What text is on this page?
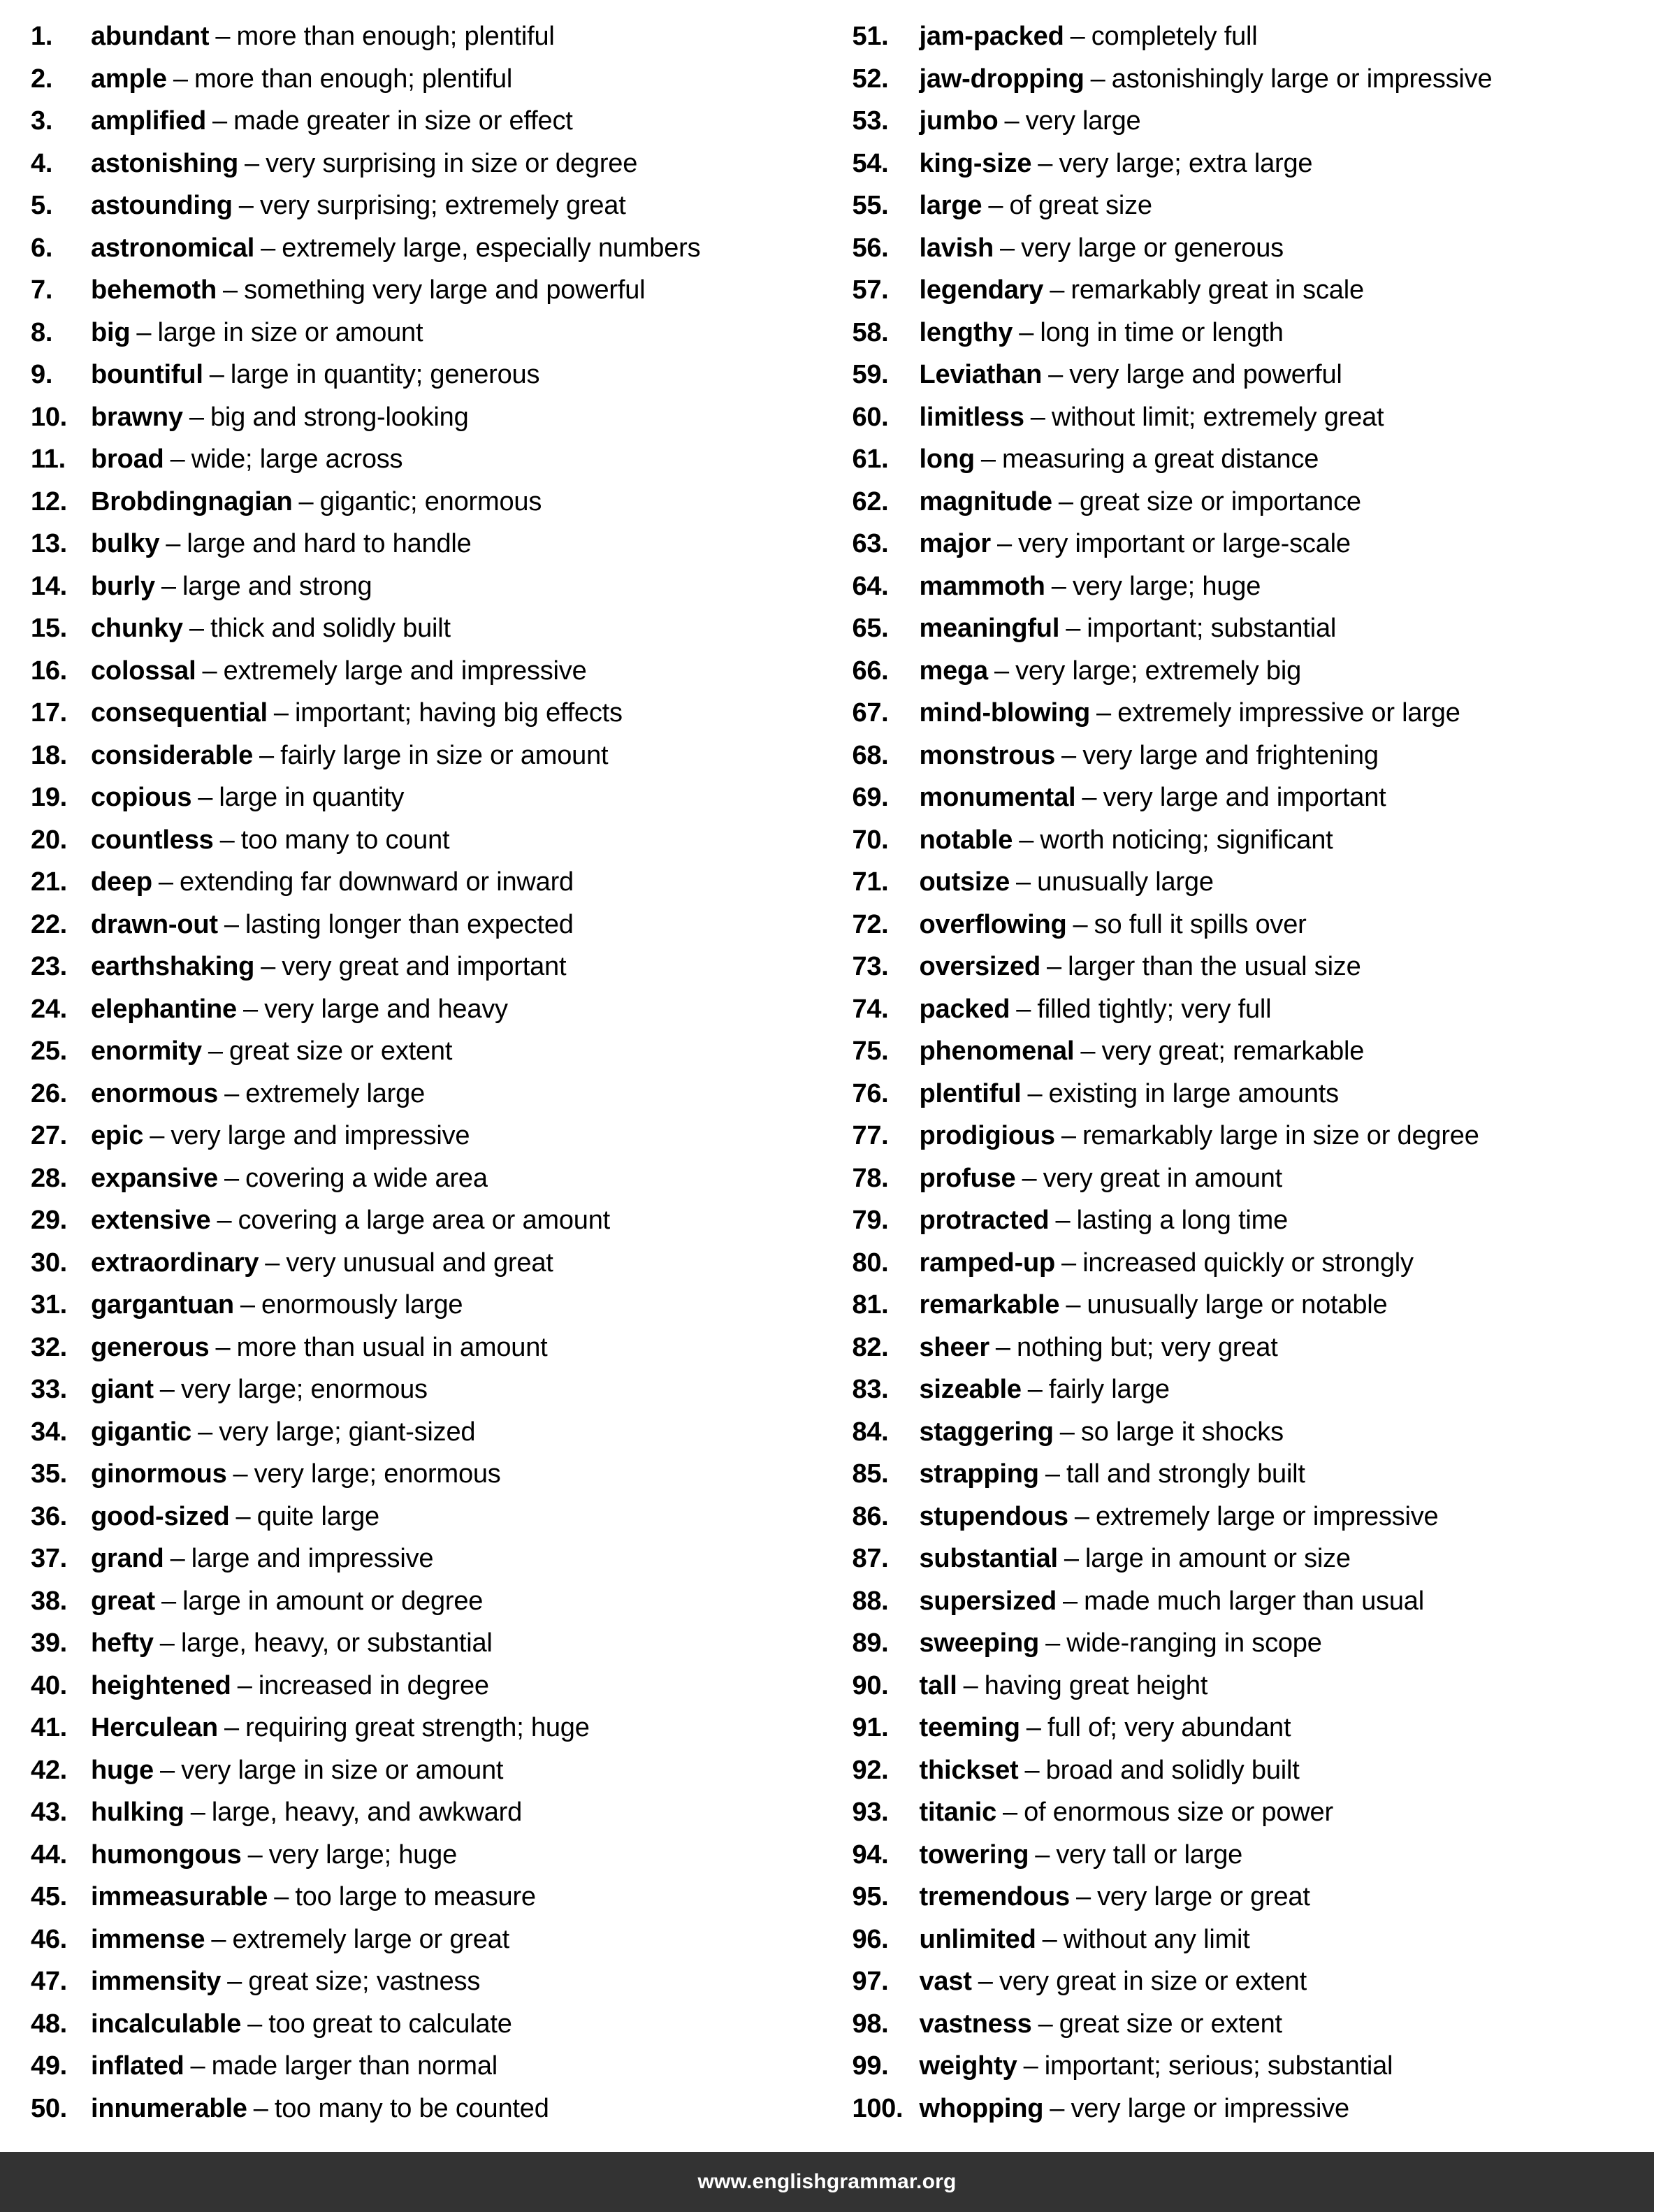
1.	abundant – more than enough; plentiful
2.	ample – more than enough; plentiful
3.	amplified – made greater in size or effect
4.	astonishing – very surprising in size or degree
5.	astounding – very surprising; extremely great
6.	astronomical – extremely large, especially numbers
7.	behemoth – something very large and powerful
8.	big – large in size or amount
9.	bountiful – large in quantity; generous
10. brawny – big and strong-looking
11. broad – wide; large across
12. Brobdingnagian – gigantic; enormous
13. bulky – large and hard to handle
14. burly – large and strong
15. chunky – thick and solidly built
16. colossal – extremely large and impressive
17. consequential – important; having big effects
18. considerable – fairly large in size or amount
19. copious – large in quantity
20. countless – too many to count
21. deep – extending far downward or inward
22. drawn-out – lasting longer than expected
23. earthshaking – very great and important
24. elephantine – very large and heavy
25. enormity – great size or extent
26. enormous – extremely large
27. epic – very large and impressive
28. expansive – covering a wide area
29. extensive – covering a large area or amount
30. extraordinary – very unusual and great
31. gargantuan – enormously large
32. generous – more than usual in amount
33. giant – very large; enormous
34. gigantic – very large; giant-sized
35. ginormous – very large; enormous
36. good-sized – quite large
37. grand – large and impressive
38. great – large in amount or degree
39. hefty – large, heavy, or substantial
40. heightened – increased in degree
41. Herculean – requiring great strength; huge
42. huge – very large in size or amount
43. hulking – large, heavy, and awkward
44. humongous – very large; huge
45. immeasurable – too large to measure
46. immense – extremely large or great
47. immensity – great size; vastness
48. incalculable – too great to calculate
49. inflated – made larger than normal
50. innumerable – too many to be counted
51.	jam-packed – completely full
52.	jaw-dropping – astonishingly large or impressive
53.	jumbo – very large
54.	king-size – very large; extra large
55.	large – of great size
56.	lavish – very large or generous
57.	legendary – remarkably great in scale
58.	lengthy – long in time or length
59.	Leviathan – very large and powerful
60.	limitless – without limit; extremely great
61.	long – measuring a great distance
62.	magnitude – great size or importance
63.	major – very important or large-scale
64.	mammoth – very large; huge
65.	meaningful – important; substantial
66.	mega – very large; extremely big
67.	mind-blowing – extremely impressive or large
68.	monstrous – very large and frightening
69.	monumental – very large and important
70.	notable – worth noticing; significant
71.	outsize – unusually large
72.	overflowing – so full it spills over
73.	oversized – larger than the usual size
74.	packed – filled tightly; very full
75.	phenomenal – very great; remarkable
76.	plentiful – existing in large amounts
77.	prodigious – remarkably large in size or degree
78.	profuse – very great in amount
79.	protracted – lasting a long time
80.	ramped-up – increased quickly or strongly
81.	remarkable – unusually large or notable
82.	sheer – nothing but; very great
83.	sizeable – fairly large
84.	staggering – so large it shocks
85.	strapping – tall and strongly built
86.	stupendous – extremely large or impressive
87.	substantial – large in amount or size
88.	supersized – made much larger than usual
89.	sweeping – wide-ranging in scope
90.	tall – having great height
91.	teeming – full of; very abundant
92.	thickset – broad and solidly built
93.	titanic – of enormous size or power
94.	towering – very tall or large
95.	tremendous – very large or great
96.	unlimited – without any limit
97.	vast – very great in size or extent
98.	vastness – great size or extent
99.	weighty – important; serious; substantial
100. whopping – very large or impressive
www.englishgrammar.org
